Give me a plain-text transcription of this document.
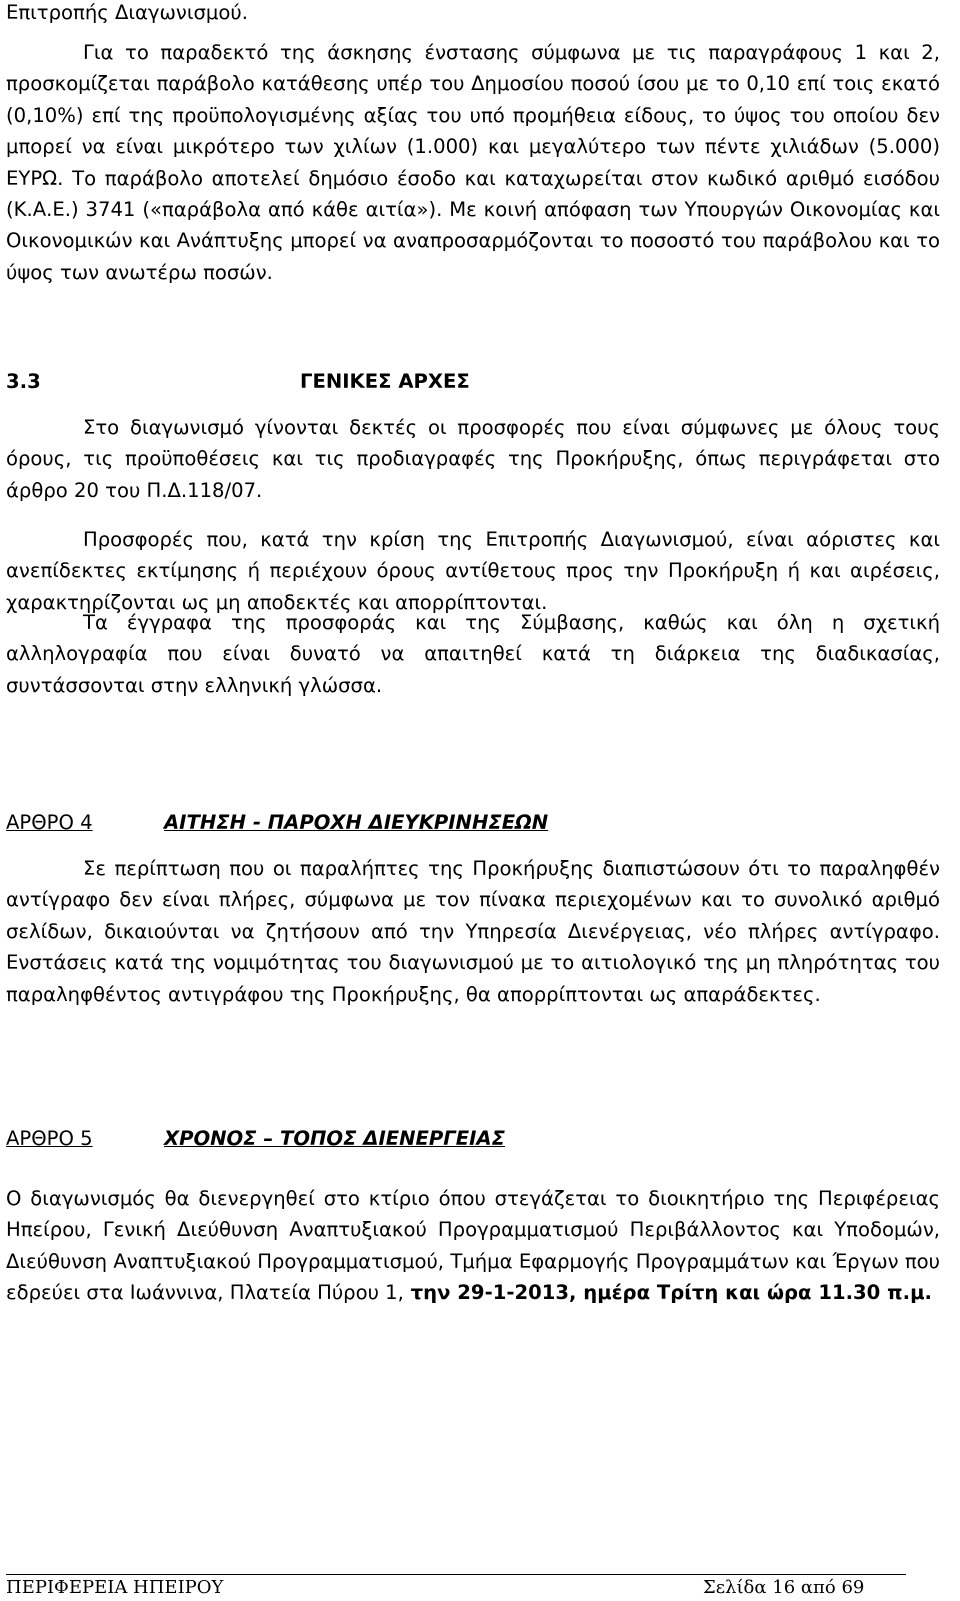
Επιτροπής Διαγωνισμού.

Για το παραδεκτό της άσκησης ένστασης σύμφωνα με τις παραγράφους 1 και 2, προσκομίζεται παράβολο κατάθεσης υπέρ του Δημοσίου ποσού ίσου με το 0,10 επί τοις εκατό (0,10%) επί της προϋπολογισμένης αξίας του υπό προμήθεια είδους, το ύψος του οποίου δεν μπορεί να είναι μικρότερο των χιλίων (1.000) και μεγαλύτερο των πέντε χιλιάδων (5.000) ΕΥΡΩ. Το παράβολο αποτελεί δημόσιο έσοδο και καταχωρείται στον κωδικό αριθμό εισόδου (Κ.Α.Ε.) 3741 («παράβολα από κάθε αιτία»). Με κοινή απόφαση των Υπουργών Οικονομίας και Οικονομικών και Ανάπτυξης μπορεί να αναπροσαρμόζονται το ποσοστό του παράβολου και το ύψος των ανωτέρω ποσών.

3.3	ΓΕΝΙΚΕΣ ΑΡΧΕΣ

Στο διαγωνισμό γίνονται δεκτές οι προσφορές που είναι σύμφωνες με όλους τους όρους, τις προϋποθέσεις και τις προδιαγραφές της Προκήρυξης, όπως περιγράφεται στο άρθρο 20 του Π.Δ.118/07.

Προσφορές που, κατά την κρίση της Επιτροπής Διαγωνισμού, είναι αόριστες και ανεπίδεκτες εκτίμησης ή περιέχουν όρους αντίθετους προς την Προκήρυξη ή και αιρέσεις, χαρακτηρίζονται ως μη αποδεκτές και απορρίπτονται.

Τα έγγραφα της προσφοράς και της Σύμβασης, καθώς και όλη η σχετική αλληλογραφία που είναι δυνατό να απαιτηθεί κατά τη διάρκεια της διαδικασίας, συντάσσονται στην ελληνική γλώσσα.

ΑΡΘΡΟ 4	ΑΙΤΗΣΗ - ΠΑΡΟΧΗ ΔΙΕΥΚΡΙΝΗΣΕΩΝ

Σε περίπτωση που οι παραλήπτες της Προκήρυξης διαπιστώσουν ότι το παραληφθέν αντίγραφο δεν είναι πλήρες, σύμφωνα με τον πίνακα περιεχομένων και το συνολικό αριθμό σελίδων, δικαιούνται να ζητήσουν από την Υπηρεσία Διενέργειας, νέο πλήρες αντίγραφο. Ενστάσεις κατά της νομιμότητας του διαγωνισμού με το αιτιολογικό της μη πληρότητας του παραληφθέντος αντιγράφου της Προκήρυξης, θα απορρίπτονται ως απαράδεκτες.

ΑΡΘΡΟ 5	ΧΡΟΝΟΣ – ΤΟΠΟΣ ΔΙΕΝΕΡΓΕΙΑΣ

Ο διαγωνισμός θα διενεργηθεί στο κτίριο όπου στεγάζεται το διοικητήριο της Περιφέρειας Ηπείρου, Γενική Διεύθυνση Αναπτυξιακού Προγραμματισμού Περιβάλλοντος και Υποδομών, Διεύθυνση Αναπτυξιακού Προγραμματισμού, Τμήμα Εφαρμογής Προγραμμάτων και Έργων που εδρεύει στα Ιωάννινα, Πλατεία Πύρου 1, την 29-1-2013, ημέρα Τρίτη και ώρα 11.30 π.μ.

ΠΕΡΙΦΕΡΕΙΑ ΗΠΕΙΡΟΥ	Σελίδα 16 από 69
